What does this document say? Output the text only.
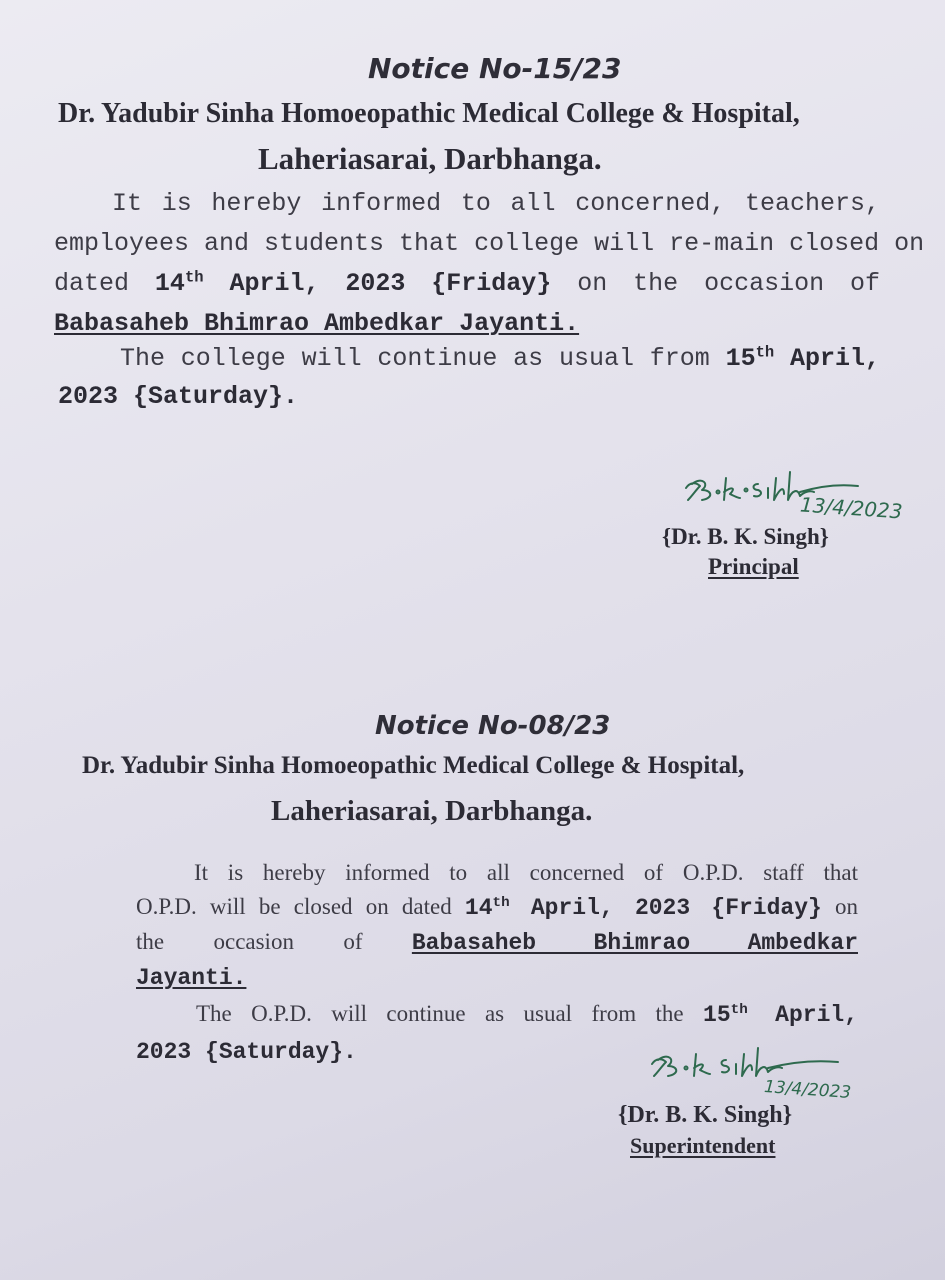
Notice No-15/23
Dr. Yadubir Sinha Homoeopathic Medical College & Hospital,
Laheriasarai, Darbhanga.
It is hereby informed to all concerned, teachers,
employees and students that college will re-main closed on
dated 14th April, 2023 {Friday} on the occasion of
Babasaheb Bhimrao Ambedkar Jayanti.
The college will continue as usual from 15th April,
2023 {Saturday}.
13/4/2023
{Dr. B. K. Singh}
Principal
Notice No-08/23
Dr. Yadubir Sinha Homoeopathic Medical College & Hospital,
Laheriasarai, Darbhanga.
It is hereby informed to all concerned of O.P.D. staff that
O.P.D. will be closed on dated 14th April, 2023 {Friday} on
the occasion of Babasaheb Bhimrao Ambedkar
Jayanti.
The O.P.D. will continue as usual from the 15th April,
2023 {Saturday}.
13/4/2023
{Dr. B. K. Singh}
Superintendent
